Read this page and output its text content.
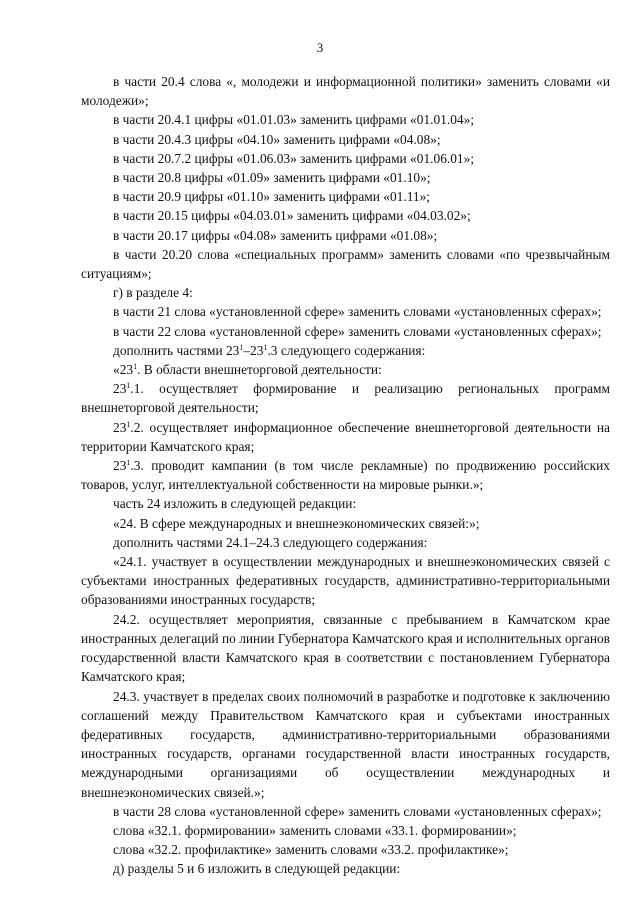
3

в части 20.4 слова «, молодежи и информационной политики» заменить словами «и молодежи»;

в части 20.4.1 цифры «01.01.03» заменить цифрами «01.01.04»;

в части 20.4.3 цифры «04.10» заменить цифрами «04.08»;

в части 20.7.2 цифры «01.06.03» заменить цифрами «01.06.01»;

в части 20.8 цифры «01.09» заменить цифрами «01.10»;

в части 20.9 цифры «01.10» заменить цифрами «01.11»;

в части 20.15 цифры «04.03.01» заменить цифрами «04.03.02»;

в части 20.17 цифры «04.08» заменить цифрами «01.08»;

в части 20.20 слова «специальных программ» заменить словами «по чрезвычайным ситуациям»;

г) в разделе 4:

в части 21 слова «установленной сфере» заменить словами «установленных сферах»;

в части 22 слова «установленной сфере» заменить словами «установленных сферах»;

дополнить частями $23^1-23^1.3$ следующего содержания:

«$23^1$. В области внешнеторговой деятельности:

$23^1.1$. осуществляет формирование и реализацию региональных программ внешнеторговой деятельности;

$23^1.2$. осуществляет информационное обеспечение внешнеторговой деятельности на территории Камчатского края;

$23^1.3$. проводит кампании (в том числе рекламные) по продвижению российских товаров, услуг, интеллектуальной собственности на мировые рынки.»;

часть 24 изложить в следующей редакции:

«24. В сфере международных и внешнеэкономических связей:»;

дополнить частями 24.1–24.3 следующего содержания:

«24.1. участвует в осуществлении международных и внешнеэкономических связей с субъектами иностранных федеративных государств, административно-территориальными образованиями иностранных государств;

24.2. осуществляет мероприятия, связанные с пребыванием в Камчатском крае иностранных делегаций по линии Губернатора Камчатского края и исполнительных органов государственной власти Камчатского края в соответствии с постановлением Губернатора Камчатского края;

24.3. участвует в пределах своих полномочий в разработке и подготовке к заключению соглашений между Правительством Камчатского края и субъектами иностранных федеративных государств, административно-территориальными образованиями иностранных государств, органами государственной власти иностранных государств, международными организациями об осуществлении международных и внешнеэкономических связей.»;

в части 28 слова «установленной сфере» заменить словами «установленных сферах»;

слова «32.1. формировании» заменить словами «33.1. формировании»;

слова «32.2. профилактике» заменить словами «33.2. профилактике»;

д) разделы 5 и 6 изложить в следующей редакции:
